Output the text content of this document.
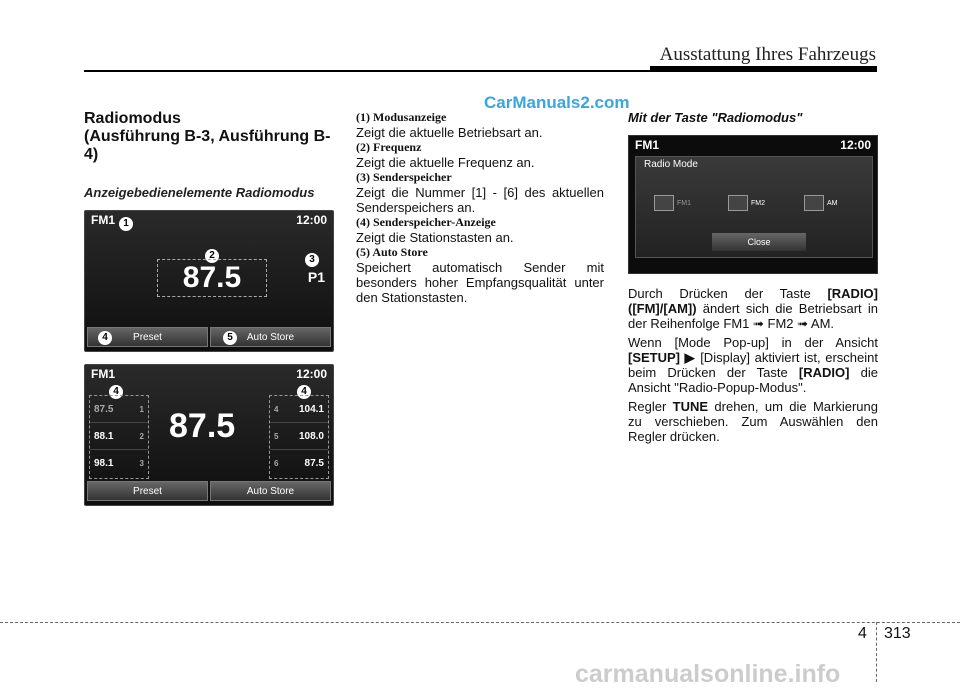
Ausstattung Ihres Fahrzeugs
CarManuals2.com
Radiomodus
(Ausführung B-3, Ausführung B-4)
Anzeigebedienelemente Radiomodus
FM1 1	12:00
2
87.5
3
P1
4	Preset	5	Auto Store
FM1	12:00
4	4
87.5	1
88.1	2
98.1	3
87.5	4 104.1
5 108.0
6	87.5
Preset	Auto Store

(1) Modusanzeige

Zeigt die aktuelle Betriebsart an.

(2) Frequenz

Zeigt die aktuelle Frequenz an.

(3) Senderspeicher

Zeigt die Nummer [1] - [6] des aktuellen Senderspeichers an.

(4) Senderspeicher-Anzeige

Zeigt die Stationstasten an.

(5) Auto Store

Speichert automatisch Sender mit besonders hoher Empfangsqualität unter den Stationstasten.

Mit der Taste "Radiomodus"
FM1	12:00
Radio Mode
FM1	FM2	AM
Close

Durch Drücken der Taste [RADIO]([FM]/[AM]) ändert sich die Betriebsart in der Reihenfolge FM1 ➟ FM2 ➟ AM.

Wenn [Mode Pop-up] in der Ansicht [SETUP] ▶ [Display] aktiviert ist, erscheint beim Drücken der Taste [RADIO] die Ansicht "Radio-Popup-Modus".

Regler TUNE drehen, um die Markierung zu verschieben. Zum Auswählen den Regler drücken.

4 313
carmanualsonline.info
